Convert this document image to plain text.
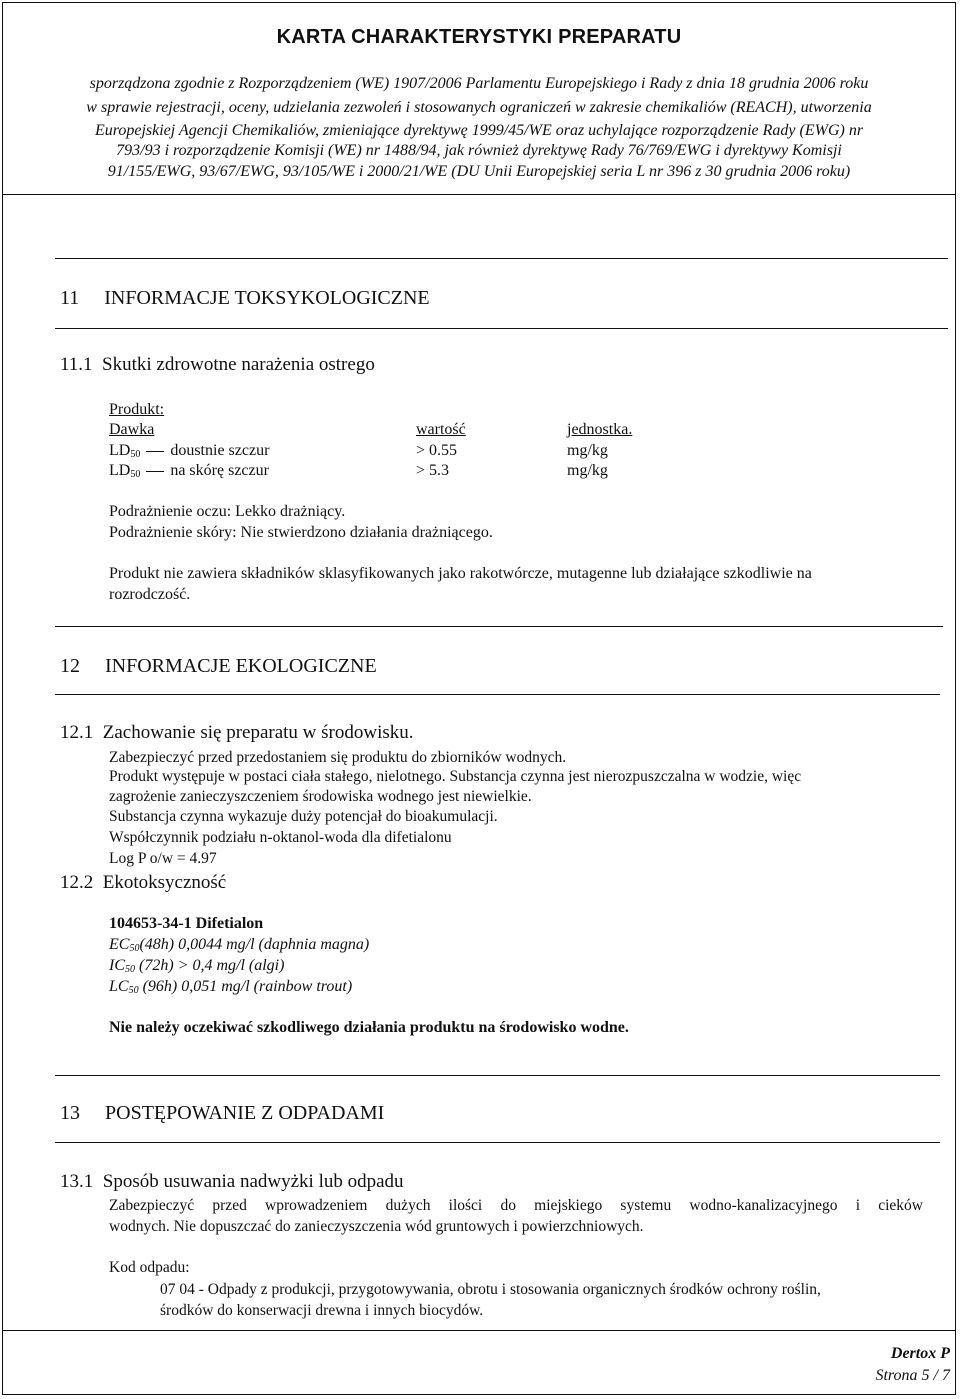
KARTA CHARAKTERYSTYKI PREPARATU
sporządzona zgodnie z Rozporządzeniem (WE) 1907/2006 Parlamentu Europejskiego i Rady z dnia 18 grudnia 2006 roku
w sprawie rejestracji, oceny, udzielania zezwoleń i stosowanych ograniczeń w zakresie chemikaliów (REACH), utworzenia
Europejskiej Agencji Chemikaliów, zmieniające dyrektywę 1999/45/WE oraz uchylające rozporządzenie Rady (EWG) nr
793/93 i rozporządzenie Komisji (WE) nr 1488/94, jak również dyrektywę Rady 76/769/EWG i dyrektywy Komisji
91/155/EWG, 93/67/EWG, 93/105/WE i 2000/21/WE (DU Unii Europejskiej seria L nr 396 z 30 grudnia 2006 roku)
11     INFORMACJE TOKSYKOLOGICZNE
11.1  Skutki zdrowotne narażenia ostrego
Produkt:
Dawka	wartość	jednostka.
$LD_{50}$ doustnie szczur	> 0.55	mg/kg
$LD_{50}$ na skórę szczur	> 5.3	mg/kg
Podrażnienie oczu: Lekko drażniący.
Podrażnienie skóry: Nie stwierdzono działania drażniącego.
Produkt nie zawiera składników sklasyfikowanych jako rakotwórcze, mutagenne lub działające szkodliwie na
rozrodczość.
12     INFORMACJE EKOLOGICZNE
12.1  Zachowanie się preparatu w środowisku.
Zabezpieczyć przed przedostaniem się produktu do zbiorników wodnych.
Produkt występuje w postaci ciała stałego, nielotnego. Substancja czynna jest nierozpuszczalna w wodzie, więc
zagrożenie zanieczyszczeniem środowiska wodnego jest niewielkie.
Substancja czynna wykazuje duży potencjał do bioakumulacji.
Współczynnik podziału n-oktanol-woda dla difetialonu
Log P o/w = 4.97
12.2  Ekotoksyczność
104653-34-1 Difetialon
$EC_{50}(48h)$ 0,0044 mg/l (daphnia magna)
$IC_{50}$ (72h) > 0,4 mg/l (algi)
$LC_{50}$ (96h) 0,051 mg/l (rainbow trout)
Nie należy oczekiwać szkodliwego działania produktu na środowisko wodne.
13     POSTĘPOWANIE Z ODPADAMI
13.1  Sposób usuwania nadwyżki lub odpadu
Zabezpieczyć przed wprowadzeniem dużych ilości do miejskiego systemu wodno-kanalizacyjnego i cieków
wodnych. Nie dopuszczać do zanieczyszczenia wód gruntowych i powierzchniowych.
Kod odpadu:
07 04 - Odpady z produkcji, przygotowywania, obrotu i stosowania organicznych środków ochrony roślin,
środków do konserwacji drewna i innych biocydów.
Dertox P
Strona 5 / 7
